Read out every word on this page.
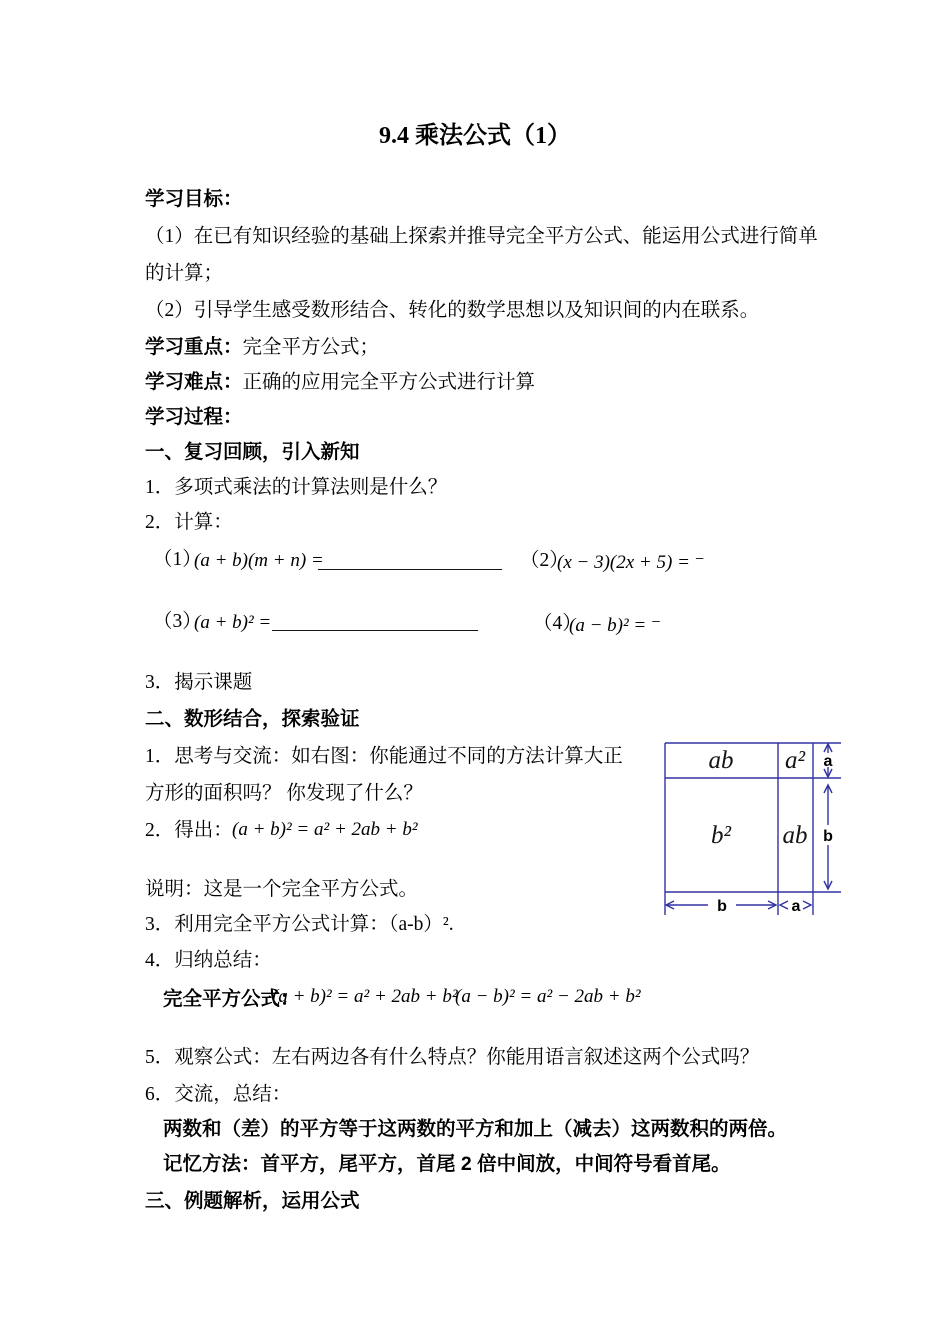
9.4 乘法公式（1）
学习目标：
（1）在已有知识经验的基础上探索并推导完全平方公式、能运用公式进行简单
的计算；
（2）引导学生感受数形结合、转化的数学思想以及知识间的内在联系。
学习重点：完全平方公式；
学习难点：正确的应用完全平方公式进行计算
学习过程：
一、复习回顾，引入新知
1．多项式乘法的计算法则是什么？
2．计算：
（1）
(a + b)(m + n) =	（2）
(x − 3)(2x + 5) = ⁻
（3）
(a + b)² =	（4）
(a − b)² = ⁻
3．揭示课题
二、数形结合，探索验证
1．思考与交流：如右图：你能通过不同的方法计算大正
方形的面积吗？ 你发现了什么？
2．得出： (a + b)² = a² + 2ab + b²
说明：这是一个完全平方公式。
3．利用完全平方公式计算：（a-b）².
4．归纳总结：
完全平方公式：
(a + b)² = a² + 2ab + b²
(a − b)² = a² − 2ab + b²
5．观察公式：左右两边各有什么特点？你能用语言叙述这两个公式吗？
6．交流，总结：
两数和（差）的平方等于这两数的平方和加上（减去）这两数积的两倍。
记忆方法：首平方，尾平方，首尾 2 倍中间放，中间符号看首尾。
三、例题解析，运用公式
ab a²
b² ab
a
b
b	a
